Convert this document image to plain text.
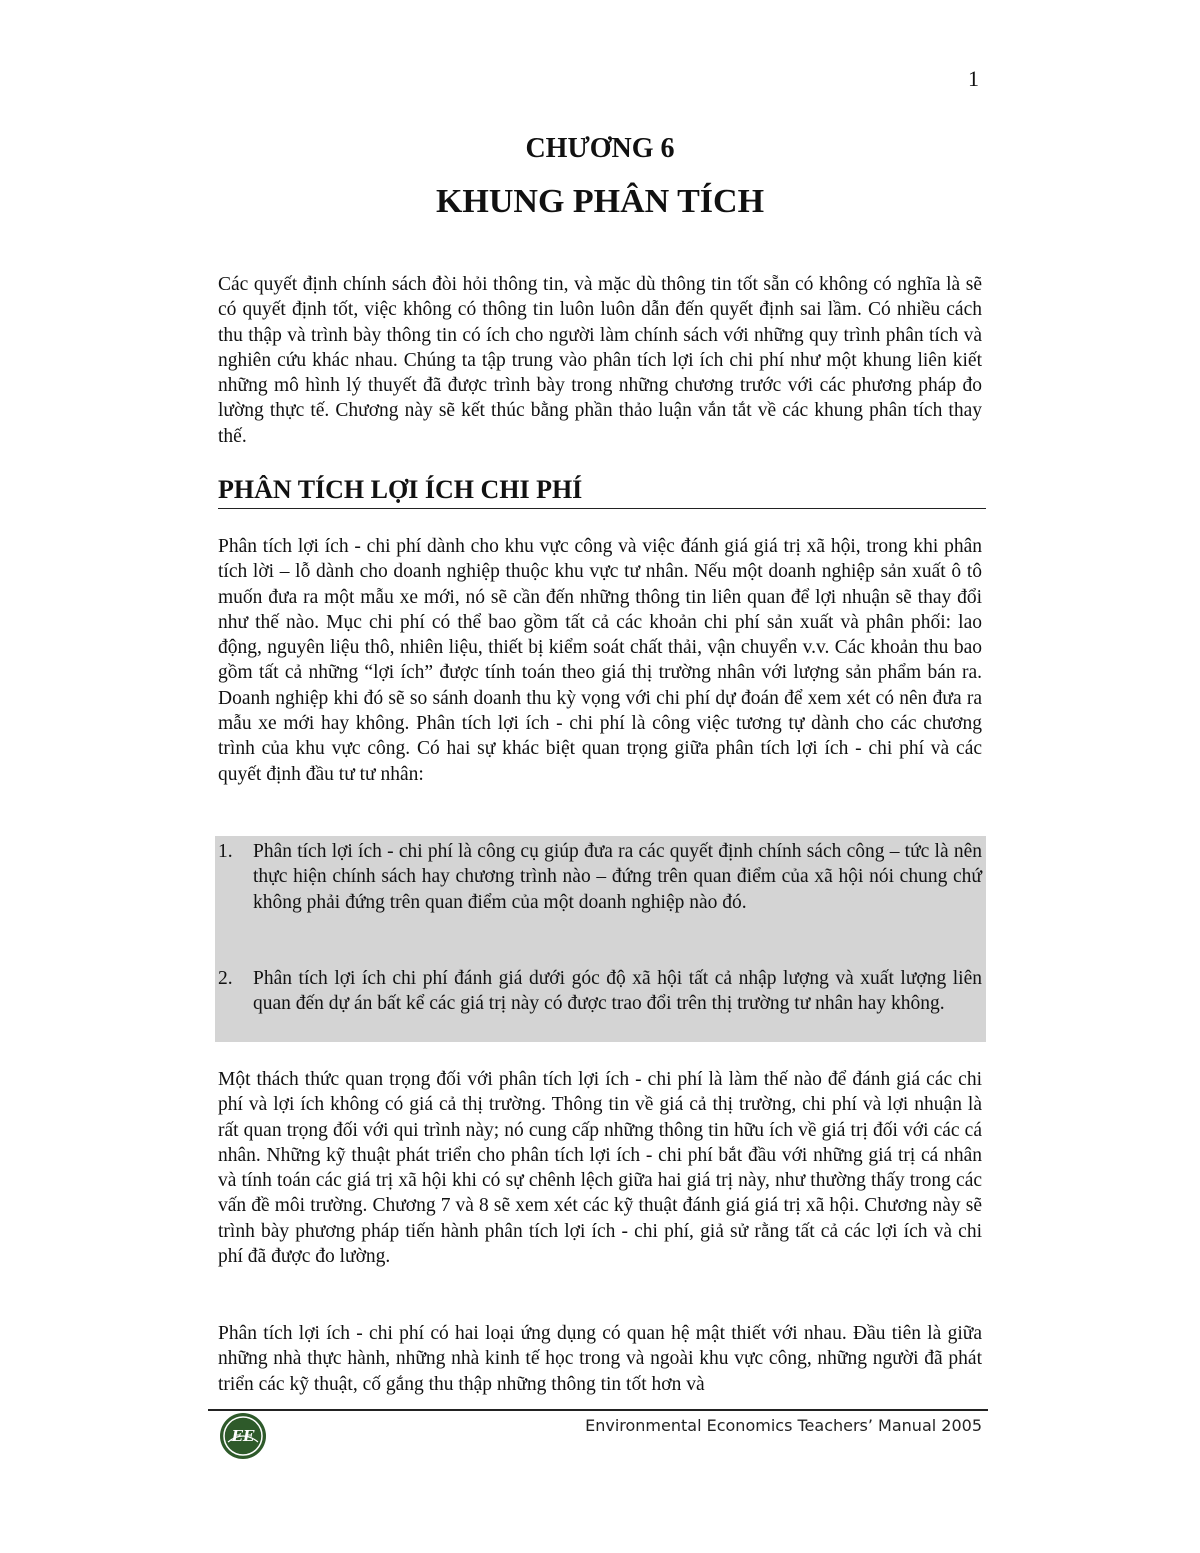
1
CHƯƠNG 6
KHUNG PHÂN TÍCH

Các quyết định chính sách đòi hỏi thông tin, và mặc dù thông tin tốt sẵn có không có nghĩa là sẽ có quyết định tốt, việc không có thông tin luôn luôn dẫn đến quyết định sai lầm. Có nhiều cách thu thập và trình bày thông tin có ích cho người làm chính sách với những quy trình phân tích và nghiên cứu khác nhau. Chúng ta tập trung vào phân tích lợi ích chi phí như một khung liên kiết những mô hình lý thuyết đã được trình bày trong những chương trước với các phương pháp đo lường thực tế. Chương này sẽ kết thúc bằng phần thảo luận vắn tắt về các khung phân tích thay thế.

PHÂN TÍCH LỢI ÍCH CHI PHÍ

Phân tích lợi ích - chi phí dành cho khu vực công và việc đánh giá giá trị xã hội, trong khi phân tích lời – lỗ dành cho doanh nghiệp thuộc khu vực tư nhân. Nếu một doanh nghiệp sản xuất ô tô muốn đưa ra một mẫu xe mới, nó sẽ cần đến những thông tin liên quan để lợi nhuận sẽ thay đổi như thế nào. Mục chi phí có thể bao gồm tất cả các khoản chi phí sản xuất và phân phối: lao động, nguyên liệu thô, nhiên liệu, thiết bị kiểm soát chất thải, vận chuyển v.v. Các khoản thu bao gồm tất cả những “lợi ích” được tính toán theo giá thị trường nhân với lượng sản phẩm bán ra. Doanh nghiệp khi đó sẽ so sánh doanh thu kỳ vọng với chi phí dự đoán để xem xét có nên đưa ra mẫu xe mới hay không. Phân tích lợi ích - chi phí là công việc tương tự dành cho các chương trình của khu vực công. Có hai sự khác biệt quan trọng giữa phân tích lợi ích - chi phí và các quyết định đầu tư tư nhân:

1. Phân tích lợi ích - chi phí là công cụ giúp đưa ra các quyết định chính sách công – tức là nên thực hiện chính sách hay chương trình nào – đứng trên quan điểm của xã hội nói chung chứ không phải đứng trên quan điểm của một doanh nghiệp nào đó.
2. Phân tích lợi ích chi phí đánh giá dưới góc độ xã hội tất cả nhập lượng và xuất lượng liên quan đến dự án bất kể các giá trị này có được trao đổi trên thị trường tư nhân hay không.

Một thách thức quan trọng đối với phân tích lợi ích - chi phí là làm thế nào để đánh giá các chi phí và lợi ích không có giá cả thị trường. Thông tin về giá cả thị trường, chi phí và lợi nhuận là rất quan trọng đối với qui trình này; nó cung cấp những thông tin hữu ích về giá trị đối với các cá nhân. Những kỹ thuật phát triển cho phân tích lợi ích - chi phí bắt đầu với những giá trị cá nhân và tính toán các giá trị xã hội khi có sự chênh lệch giữa hai giá trị này, như thường thấy trong các vấn đề môi trường. Chương 7 và 8 sẽ xem xét các kỹ thuật đánh giá giá trị xã hội. Chương này sẽ trình bày phương pháp tiến hành phân tích lợi ích - chi phí, giả sử rằng tất cả các lợi ích và chi phí đã được đo lường.

Phân tích lợi ích - chi phí có hai loại ứng dụng có quan hệ mật thiết với nhau. Đầu tiên là giữa những nhà thực hành, những nhà kinh tế học trong và ngoài khu vực công, những người đã phát triển các kỹ thuật, cố gắng thu thập những thông tin tốt hơn và

EE
Environmental Economics Teachers’ Manual 2005
